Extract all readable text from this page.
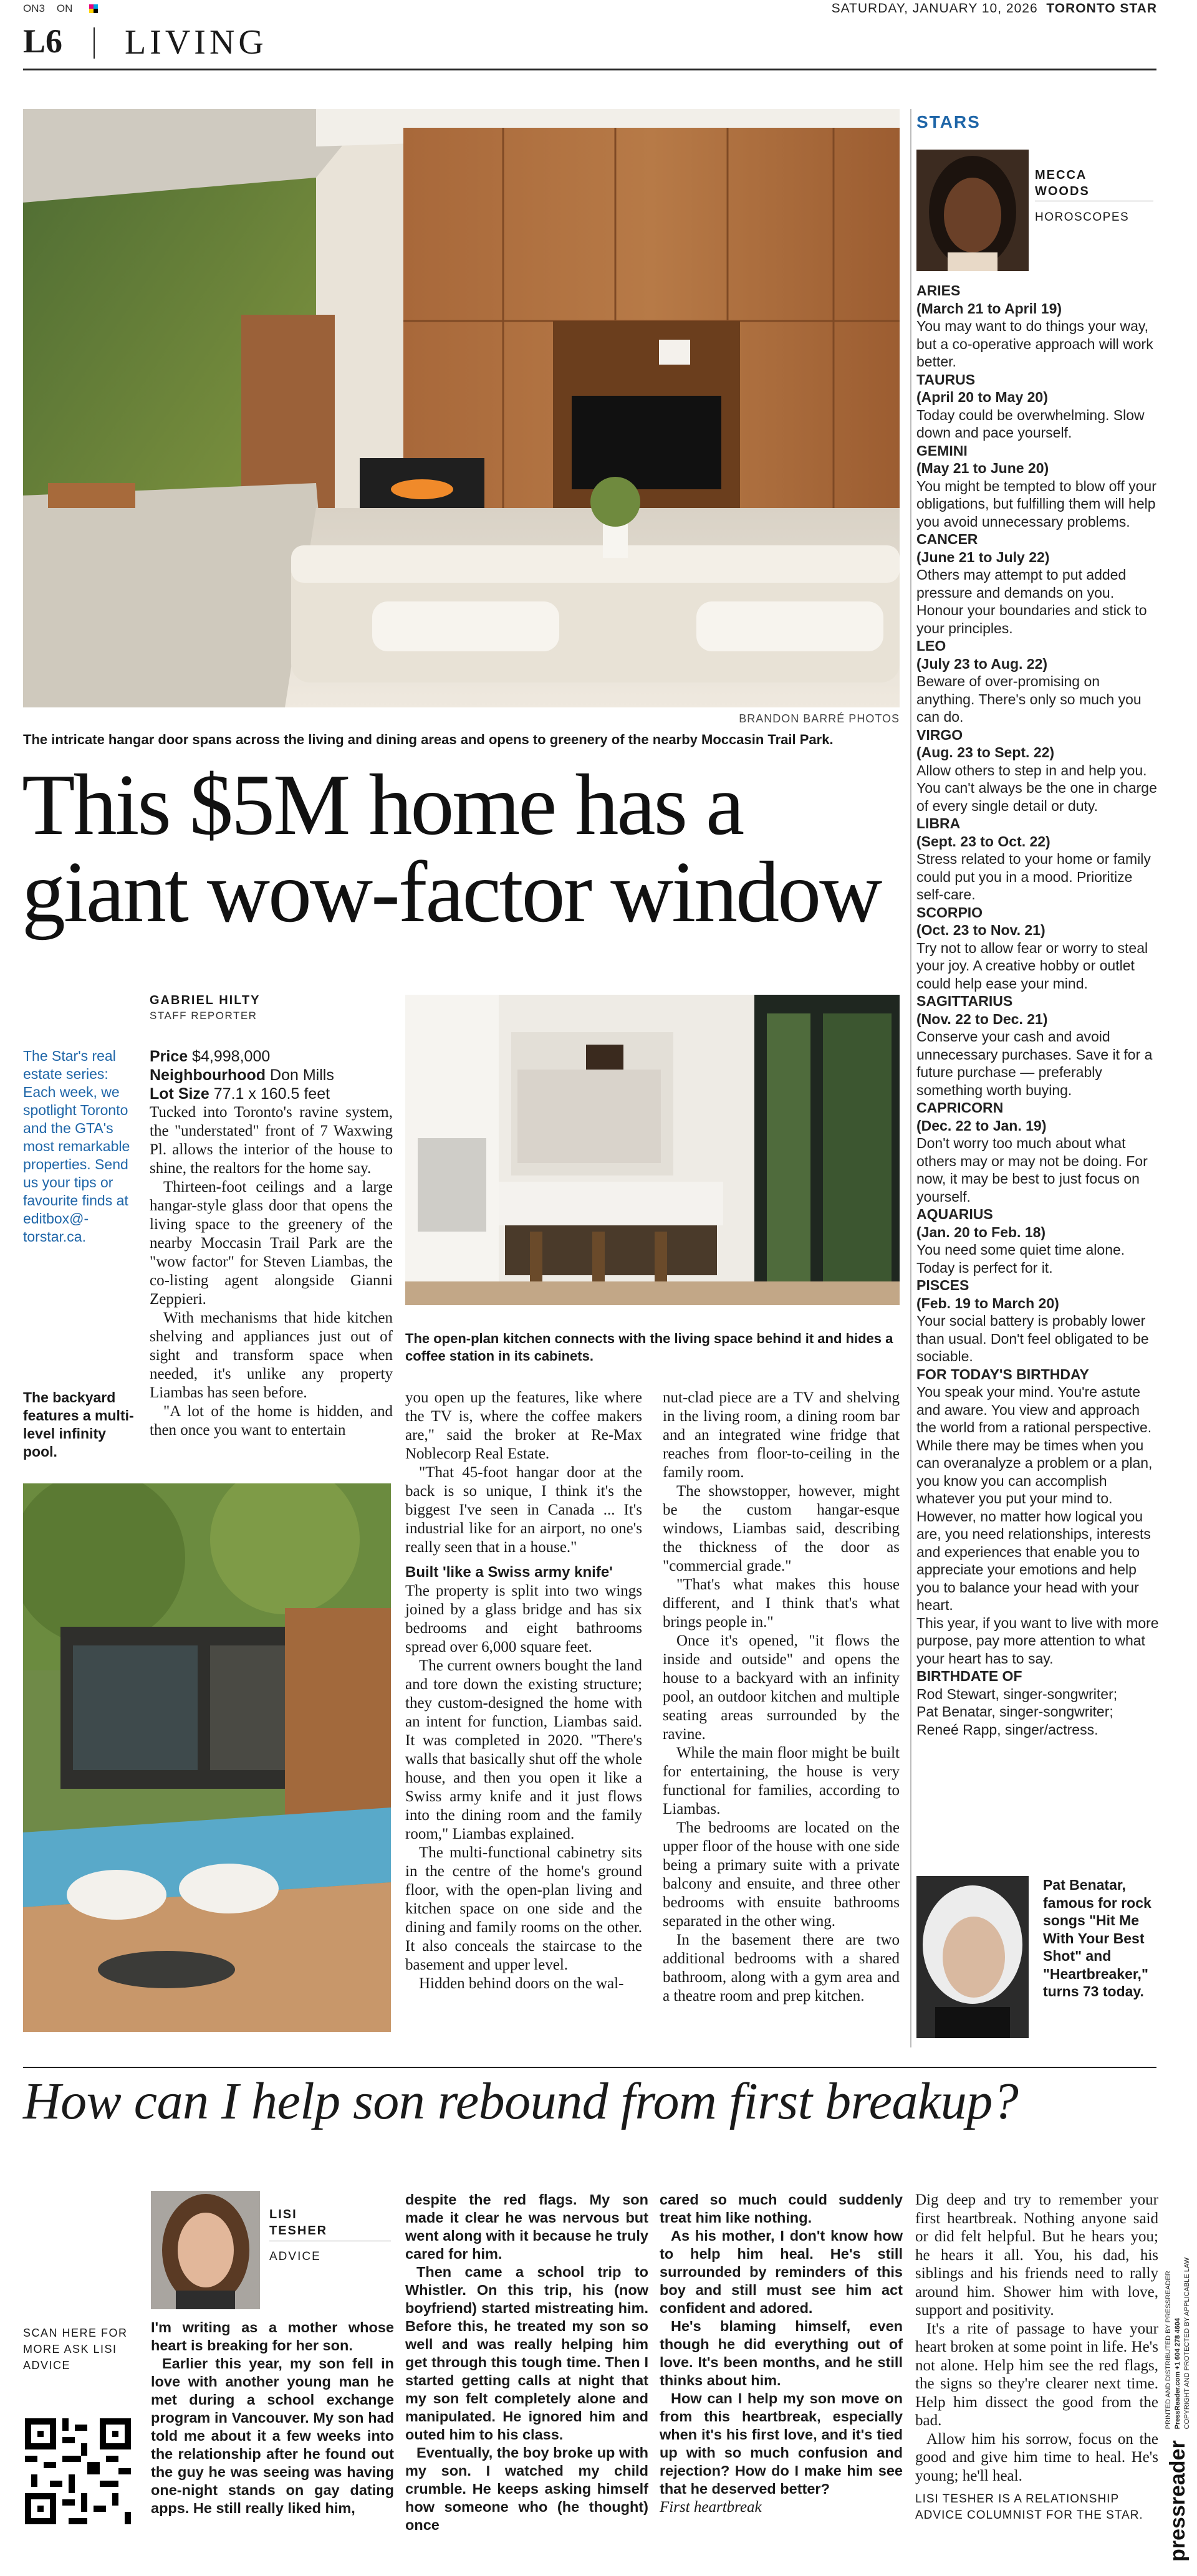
ON3 ON	SATURDAY, JANUARY 10, 2026 TORONTO STAR
L6 LIVING
BRANDON BARRÉ PHOTOS
The intricate hangar door spans across the living and dining areas and opens to greenery of the nearby Moccasin Trail Park.
This $5M home has a
giant wow-factor window
GABRIEL HILTY
STAFF REPORTER
The Star's real estate series: Each week, we spotlight Toronto and the GTA's most remarkable properties. Send us your tips or favourite finds at editbox@-torstar.ca.

Price $4,998,000

Neighbourhood Don Mills

Lot Size 77.1 x 160.5 feet

Tucked into Toronto's ravine system, the "understated" front of 7 Waxwing Pl. allows the interior of the house to shine, the realtors for the home say.

Thirteen-foot ceilings and a large hangar-style glass door that opens the living space to the greenery of the nearby Moccasin Trail Park are the "wow factor" for Steven Liambas, the co-listing agent alongside Gianni Zeppieri.

With mechanisms that hide kitchen shelving and appliances just out of sight and transform space when needed, it's unlike any property Liambas has seen before.

"A lot of the home is hidden, and then once you want to entertain

The backyard features a multi-level infinity pool.
The open-plan kitchen connects with the living space behind it and hides a coffee station in its cabinets.

you open up the features, like where the TV is, where the coffee makers are," said the broker at Re-Max Noblecorp Real Estate.

"That 45-foot hangar door at the back is so unique, I think it's the biggest I've seen in Canada ... It's industrial like for an airport, no one's really seen that in a house."

Built 'like a Swiss army knife'

The property is split into two wings joined by a glass bridge and has six bedrooms and eight bathrooms spread over 6,000 square feet.

The current owners bought the land and tore down the existing structure; they custom-designed the home with an intent for function, Liambas said. It was completed in 2020. "There's walls that basically shut off the whole house, and then you open it like a Swiss army knife and it just flows into the dining room and the family room," Liambas explained.

The multi-functional cabinetry sits in the centre of the home's ground floor, with the open-plan living and kitchen space on one side and the dining and family rooms on the other. It also conceals the staircase to the basement and upper level.

Hidden behind doors on the wal-

nut-clad piece are a TV and shelving in the living room, a dining room bar and an integrated wine fridge that reaches from floor-to-ceiling in the family room.

The showstopper, however, might be the custom hangar-esque windows, Liambas said, describing the thickness of the door as "commercial grade."

"That's what makes this house different, and I think that's what brings people in."

Once it's opened, "it flows the inside and outside" and opens the house to a backyard with an infinity pool, an outdoor kitchen and multiple seating areas surrounded by the ravine.

While the main floor might be built for entertaining, the house is very functional for families, according to Liambas.

The bedrooms are located on the upper floor of the house with one side being a primary suite with a private balcony and ensuite, and three other bedrooms with ensuite bathrooms separated in the other wing.

In the basement there are two additional bedrooms with a shared bathroom, along with a gym area and a theatre room and prep kitchen.

STARS
MECCA
WOODS
HOROSCOPES
ARIES
(March 21 to April 19)
You may want to do things your way, but a co-operative approach will work better.
TAURUS
(April 20 to May 20)
Today could be overwhelming. Slow down and pace yourself.
GEMINI
(May 21 to June 20)
You might be tempted to blow off your obligations, but fulfilling them will help you avoid unnecessary problems.
CANCER
(June 21 to July 22)
Others may attempt to put added pressure and demands on you. Honour your boundaries and stick to your principles.
LEO
(July 23 to Aug. 22)
Beware of over-promising on anything. There's only so much you can do.
VIRGO
(Aug. 23 to Sept. 22)
Allow others to step in and help you. You can't always be the one in charge of every single detail or duty.
LIBRA
(Sept. 23 to Oct. 22)
Stress related to your home or family could put you in a mood. Prioritize self-care.
SCORPIO
(Oct. 23 to Nov. 21)
Try not to allow fear or worry to steal your joy. A creative hobby or outlet could help ease your mind.
SAGITTARIUS
(Nov. 22 to Dec. 21)
Conserve your cash and avoid unnecessary purchases. Save it for a future purchase — preferably something worth buying.
CAPRICORN
(Dec. 22 to Jan. 19)
Don't worry too much about what others may or may not be doing. For now, it may be best to just focus on yourself.
AQUARIUS
(Jan. 20 to Feb. 18)
You need some quiet time alone. Today is perfect for it.
PISCES
(Feb. 19 to March 20)
Your social battery is probably lower than usual. Don't feel obligated to be sociable.
FOR TODAY'S BIRTHDAY
You speak your mind. You're astute and aware. You view and approach the world from a rational perspective. While there may be times when you can overanalyze a problem or a plan, you know you can accomplish whatever you put your mind to. However, no matter how logical you are, you need relationships, interests and experiences that enable you to appreciate your emotions and help you to balance your head with your heart.
This year, if you want to live with more purpose, pay more attention to what your heart has to say.
BIRTHDATE OF
Rod Stewart, singer-songwriter;
Pat Benatar, singer-songwriter;
Reneé Rapp, singer/actress.
Pat Benatar, famous for rock songs "Hit Me With Your Best Shot" and "Heartbreaker," turns 73 today.
How can I help son rebound from first breakup?
LISI
TESHER
ADVICE
SCAN HERE FOR MORE ASK LISI ADVICE

I'm writing as a mother whose heart is breaking for her son.

Earlier this year, my son fell in love with another young man he met during a school exchange program in Vancouver. My son had told me about it a few weeks into the relationship after he found out the guy he was seeing was having one-night stands on gay dating apps. He still really liked him,

despite the red flags. My son made it clear he was nervous but went along with it because he truly cared for him.

Then came a school trip to Whistler. On this trip, his (now boyfriend) started mistreating him. Before this, he treated my son so well and was really helping him get through this tough time. Then I started getting calls at night that my son felt completely alone and manipulated. He ignored him and outed him to his class.

Eventually, the boy broke up with my son. I watched my child crumble. He keeps asking himself how someone who (he thought) once

cared so much could suddenly treat him like nothing.

As his mother, I don't know how to help him heal. He's still surrounded by reminders of this boy and still must see him act confident and adored.

He's blaming himself, even though he did everything out of love. It's been months, and he still thinks about him.

How can I help my son move on from this heartbreak, especially when it's his first love, and it's tied up with so much confusion and rejection? How do I make him see that he deserved better?

First heartbreak

Dig deep and try to remember your first heartbreak. Nothing anyone said or did felt helpful. But he hears you; he hears it all. You, his dad, his siblings and his friends need to rally around him. Shower him with love, support and positivity.

It's a rite of passage to have your heart broken at some point in life. He's not alone. Help him see the red flags, the signs so they're clearer next time. Help him dissect the good from the bad.

Allow him his sorrow, focus on the good and give him time to heal. He's young; he'll heal.

LISI TESHER IS A RELATIONSHIP ADVICE COLUMNIST FOR THE STAR.	pressreader
PRINTED AND DISTRIBUTED BY PRESSREADER PressReader.com +1 604 278 4604 COPYRIGHT AND PROTECTED BY APPLICABLE LAW
